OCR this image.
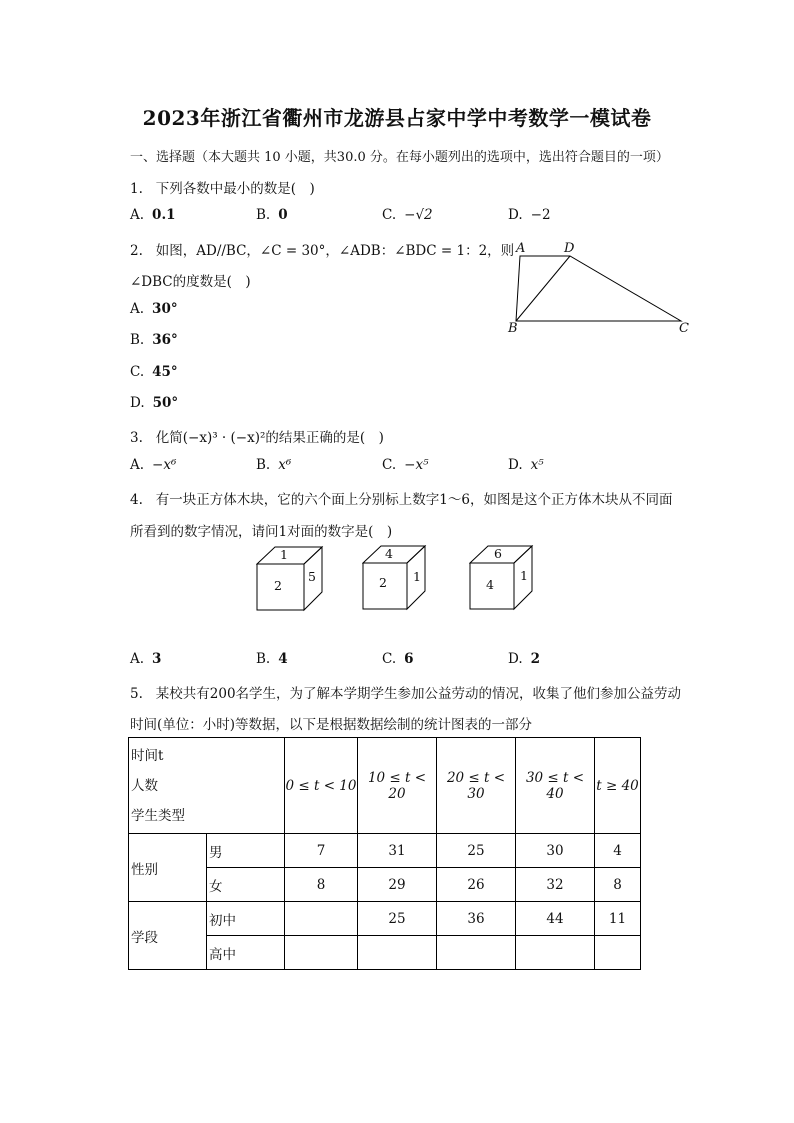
2023年浙江省衢州市龙游县占家中学中考数学一模试卷
一、选择题（本大题共 10 小题，共30.0 分。在每小题列出的选项中，选出符合题目的一项）
1. 下列各数中最小的数是(　)
A. 0.1	B. 0	C. −√2	D. −2
2. 如图，AD//BC，∠C = 30°，∠ADB：∠BDC = 1：2，则
∠DBC的度数是(　)
A. 30°
B. 36°
C. 45°
D. 50°
A	D
B	C
3. 化简(−x)³ · (−x)²的结果正确的是(　)
A. −x⁶	B. x⁶	C. −x⁵	D. x⁵
4. 有一块正方体木块，它的六个面上分别标上数字1～6，如图是这个正方体木块从不同面
所看到的数字情况，请问1对面的数字是(　)
1
2
5
4
2 1
6
4
1
A. 3	B. 4	C. 6	D. 2
5. 某校共有200名学生，为了解本学期学生参加公益劳动的情况，收集了他们参加公益劳动
时间(单位：小时)等数据，以下是根据数据绘制的统计图表的一部分
时间t
人数
学生类型		0 ≤ t < 10	10 ≤ t < 20	20 ≤ t < 30	30 ≤ t < 40	t ≥ 40
性别	男	7	31	25	30	4
	女	8	29	26	32	8
学段	初中		25	36	44	11
	高中					
